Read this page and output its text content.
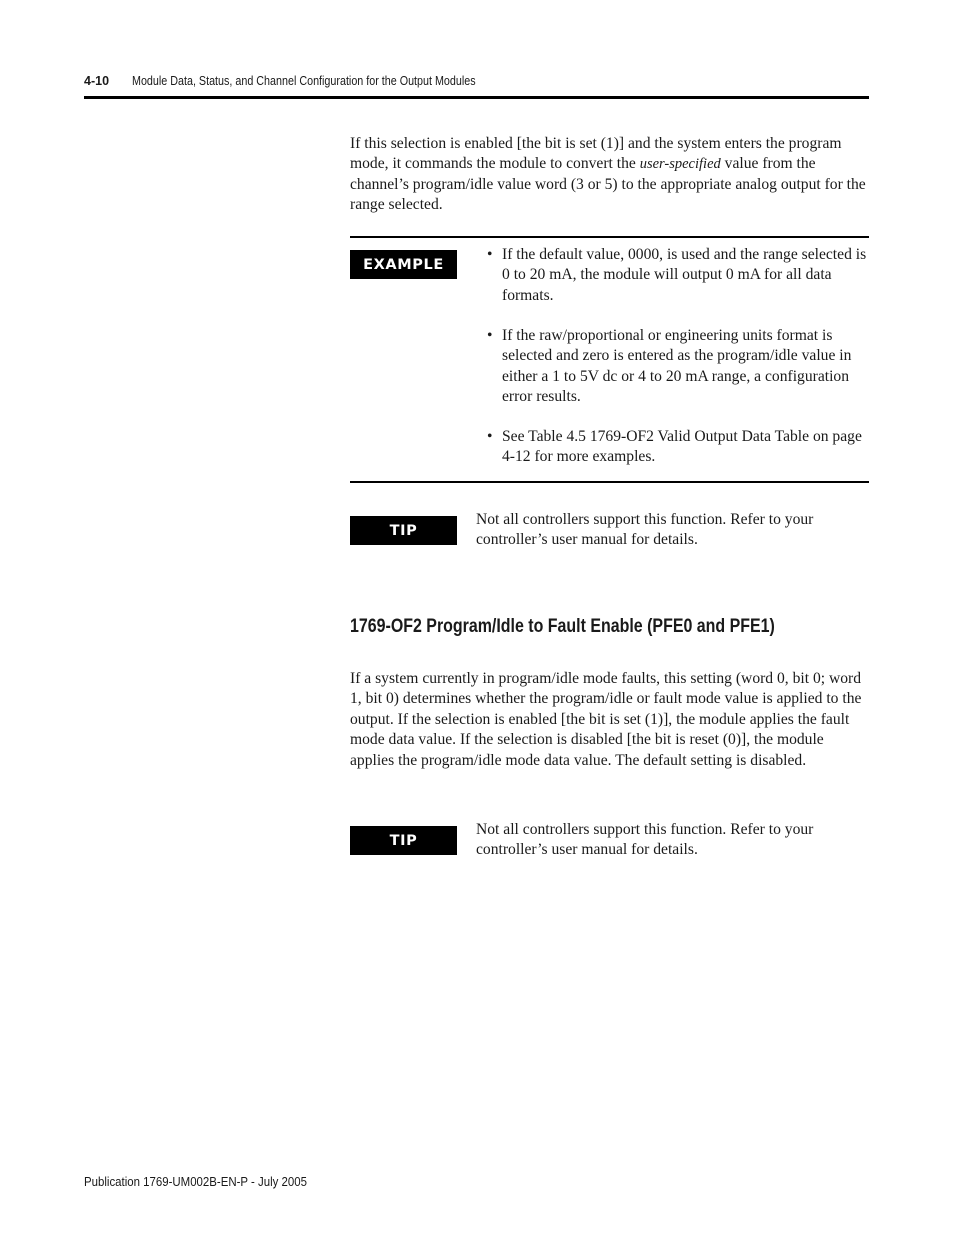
4-10 Module Data, Status, and Channel Configuration for the Output Modules
If this selection is enabled [the bit is set (1)] and the system enters the program mode, it commands the module to convert the user-specified value from the channel’s program/idle value word (3 or 5) to the appropriate analog output for the range selected.
EXAMPLE
• If the default value, 0000, is used and the range selected is 0 to 20 mA, the module will output 0 mA for all data formats.
• If the raw/proportional or engineering units format is selected and zero is entered as the program/idle value in either a 1 to 5V dc or 4 to 20 mA range, a configuration error results.
• See Table 4.5 1769-OF2 Valid Output Data Table on page 4-12 for more examples.
TIP
Not all controllers support this function. Refer to your controller’s user manual for details.
1769-OF2 Program/Idle to Fault Enable (PFE0 and PFE1)
If a system currently in program/idle mode faults, this setting (word 0, bit 0; word 1, bit 0) determines whether the program/idle or fault mode value is applied to the output. If the selection is enabled [the bit is set (1)], the module applies the fault mode data value. If the selection is disabled [the bit is reset (0)], the module applies the program/idle mode data value. The default setting is disabled.
TIP
Not all controllers support this function. Refer to your controller’s user manual for details.
Publication 1769-UM002B-EN-P - July 2005
